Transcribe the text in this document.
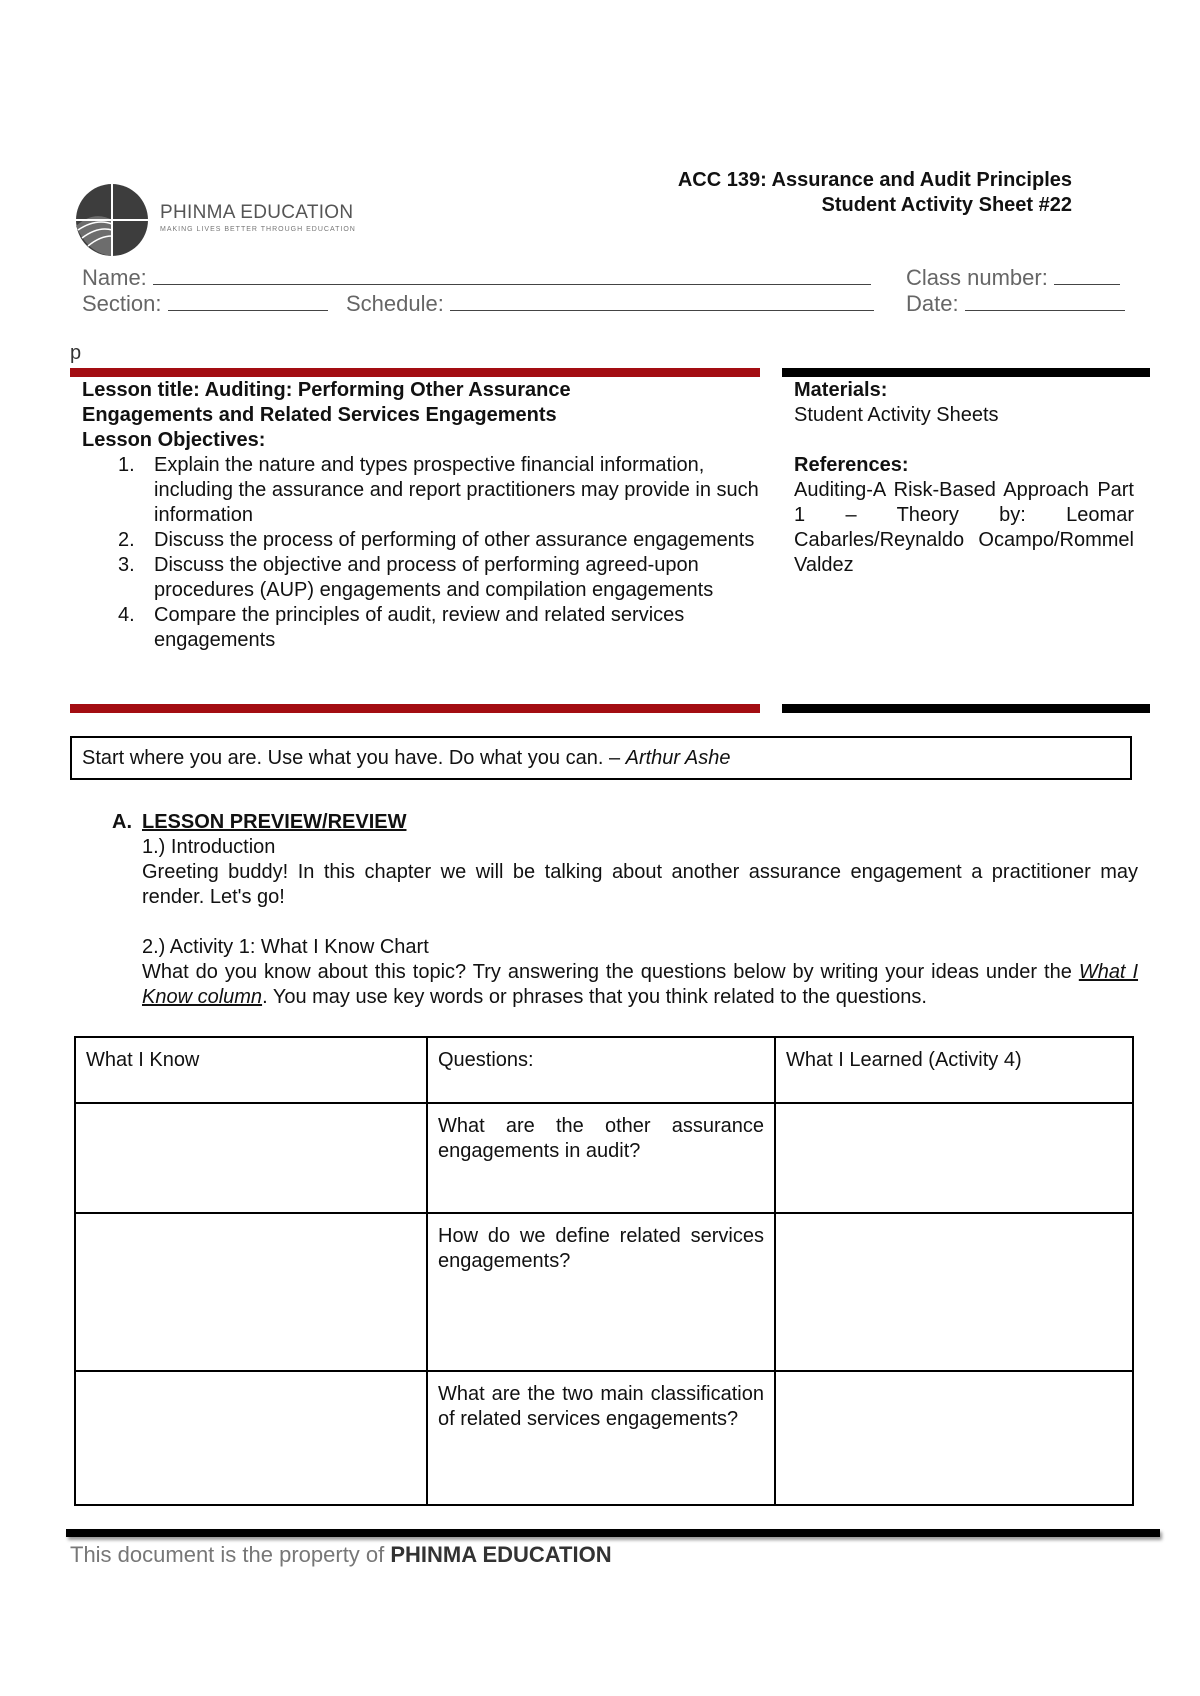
PHINMA EDUCATION
MAKING LIVES BETTER THROUGH EDUCATION
ACC 139: Assurance and Audit Principles
Student Activity Sheet #22
Name:	Class number:
Section:	Schedule:	Date:
p
Lesson title: Auditing: Performing Other Assurance Engagements and Related Services Engagements
Lesson Objectives:
1. Explain the nature and types prospective financial information, including the assurance and report practitioners may provide in such information
2. Discuss the process of performing of other assurance engagements
3. Discuss the objective and process of performing agreed-upon procedures (AUP) engagements and compilation engagements
4. Compare the principles of audit, review and related services engagements
Materials:
Student Activity Sheets
References:
Auditing-A Risk-Based Approach Part 1 – Theory by: Leomar Cabarles/Reynaldo Ocampo/Rommel Valdez
Start where you are. Use what you have. Do what you can. – Arthur Ashe
A. LESSON PREVIEW/REVIEW
1.) Introduction
Greeting buddy! In this chapter we will be talking about another assurance engagement a practitioner may render. Let's go!
2.) Activity 1: What I Know Chart
What do you know about this topic? Try answering the questions below by writing your ideas under the What I Know column. You may use key words or phrases that you think related to the questions.
What I Know	Questions:	What I Learned (Activity 4)
	What are the other assurance engagements in audit?	
	How do we define related services engagements?	
	What are the two main classification of related services engagements?	
This document is the property of PHINMA EDUCATION
